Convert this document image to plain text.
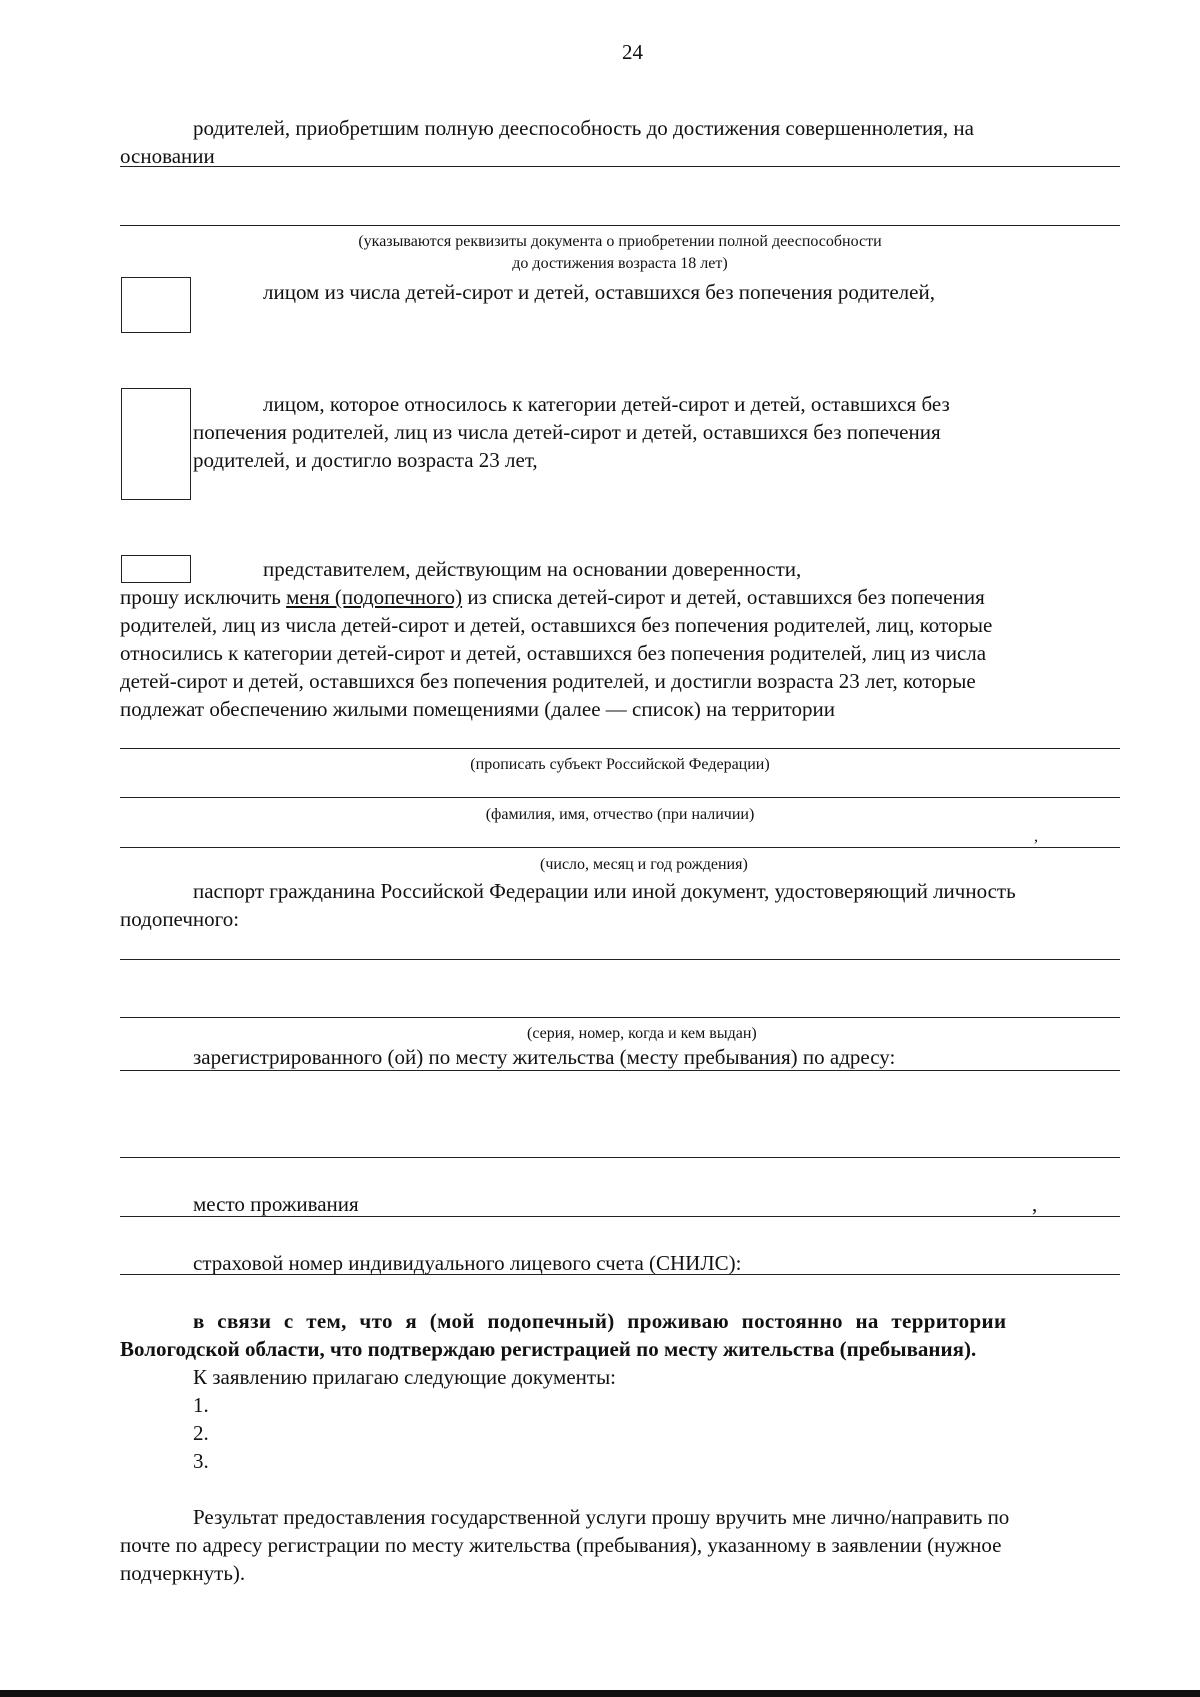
24
родителей, приобретшим полную дееспособность до достижения совершеннолетия, на
основании
(указываются реквизиты документа о приобретении полной дееспособности
до достижения возраста 18 лет)
лицом из числа детей-сирот и детей, оставшихся без попечения родителей,
лицом, которое относилось к категории детей-сирот и детей, оставшихся без
попечения родителей, лиц из числа детей-сирот и детей, оставшихся без попечения
родителей, и достигло возраста 23 лет,
представителем, действующим на основании доверенности,
прошу исключить меня (подопечного) из списка детей-сирот и детей, оставшихся без попечения
родителей, лиц из числа детей-сирот и детей, оставшихся без попечения родителей, лиц, которые
относились к категории детей-сирот и детей, оставшихся без попечения родителей, лиц из числа
детей-сирот и детей, оставшихся без попечения родителей, и достигли возраста 23 лет, которые
подлежат обеспечению жилыми помещениями (далее — список) на территории
(прописать субъект Российской Федерации)
(фамилия, имя, отчество (при наличии)
,
(число, месяц и год рождения)
паспорт гражданина Российской Федерации или иной документ, удостоверяющий личность
подопечного:
(серия, номер, когда и кем выдан)
зарегистрированного (ой) по месту жительства (месту пребывания) по адресу:
место проживания	,
страховой номер индивидуального лицевого счета (СНИЛС):
в связи с тем, что я (мой подопечный) проживаю постоянно на территории
Вологодской области, что подтверждаю регистрацией по месту жительства (пребывания).
К заявлению прилагаю следующие документы:
1.
2.
3.
Результат предоставления государственной услуги прошу вручить мне лично/направить по
почте по адресу регистрации по месту жительства (пребывания), указанному в заявлении (нужное
подчеркнуть).
